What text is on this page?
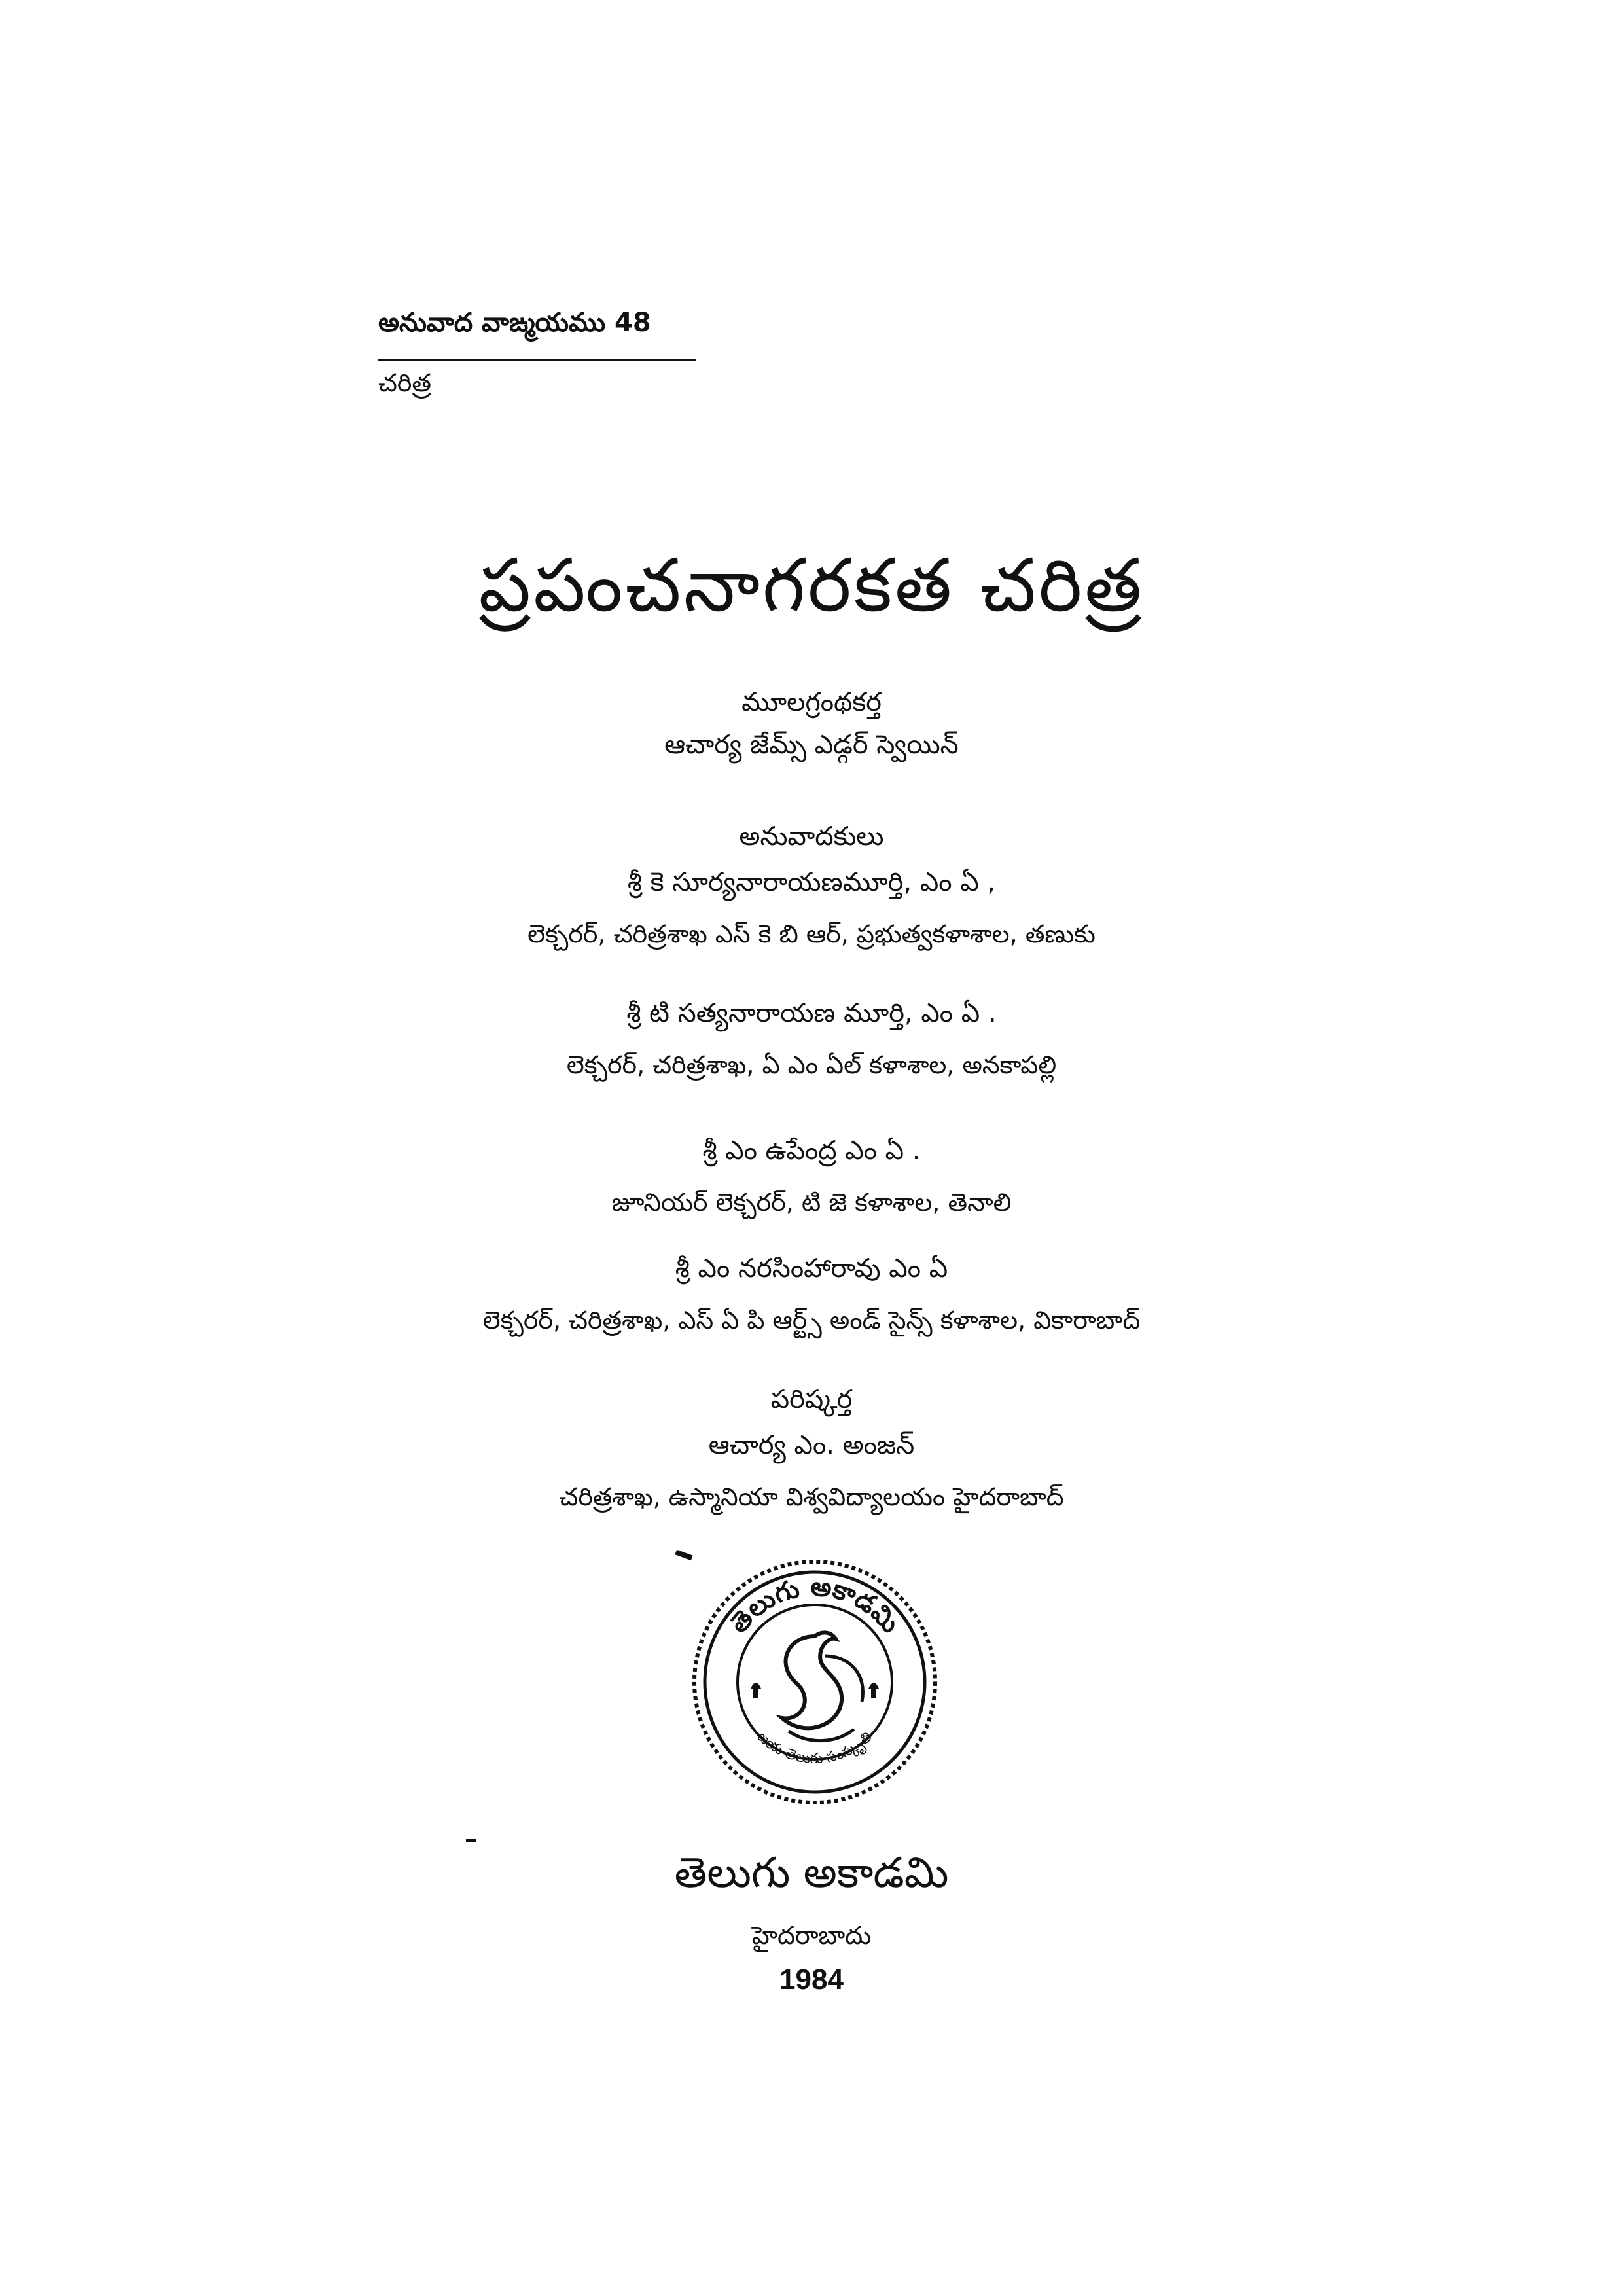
అనువాద వాఙ్మయము 48
చరిత్ర
ప్రపంచనాగరకత చరిత్ర
మూలగ్రంథకర్త
ఆచార్య జేమ్స్ ఎడ్గర్ స్వెయిన్
అనువాదకులు
శ్రీ కె సూర్యనారాయణమూర్తి, ఎం ఏ ,
లెక్చరర్, చరిత్రశాఖ ఎస్ కె బి ఆర్, ప్రభుత్వకళాశాల, తణుకు
శ్రీ టి సత్యనారాయణ మూర్తి, ఎం ఏ .
లెక్చరర్, చరిత్రశాఖ, ఏ ఎం ఏల్ కళాశాల, అనకాపల్లి
శ్రీ ఎం ఉపేంద్ర ఎం ఏ .
జూనియర్ లెక్చరర్, టి జె కళాశాల, తెనాలి
శ్రీ ఎం నరసింహారావు ఎం ఏ
లెక్చరర్, చరిత్రశాఖ, ఎస్ ఏ పి ఆర్ట్స్ అండ్ సైన్స్ కళాశాల, వికారాబాద్
పరిష్కర్త
ఆచార్య ఎం. అంజన్
చరిత్రశాఖ, ఉస్మానియా విశ్వవిద్యాలయం హైదరాబాద్
తెలుగు అకాడమి
జయ తెలుగు సంస్కృతి
తెలుగు అకాడమి
హైదరాబాదు
1984
